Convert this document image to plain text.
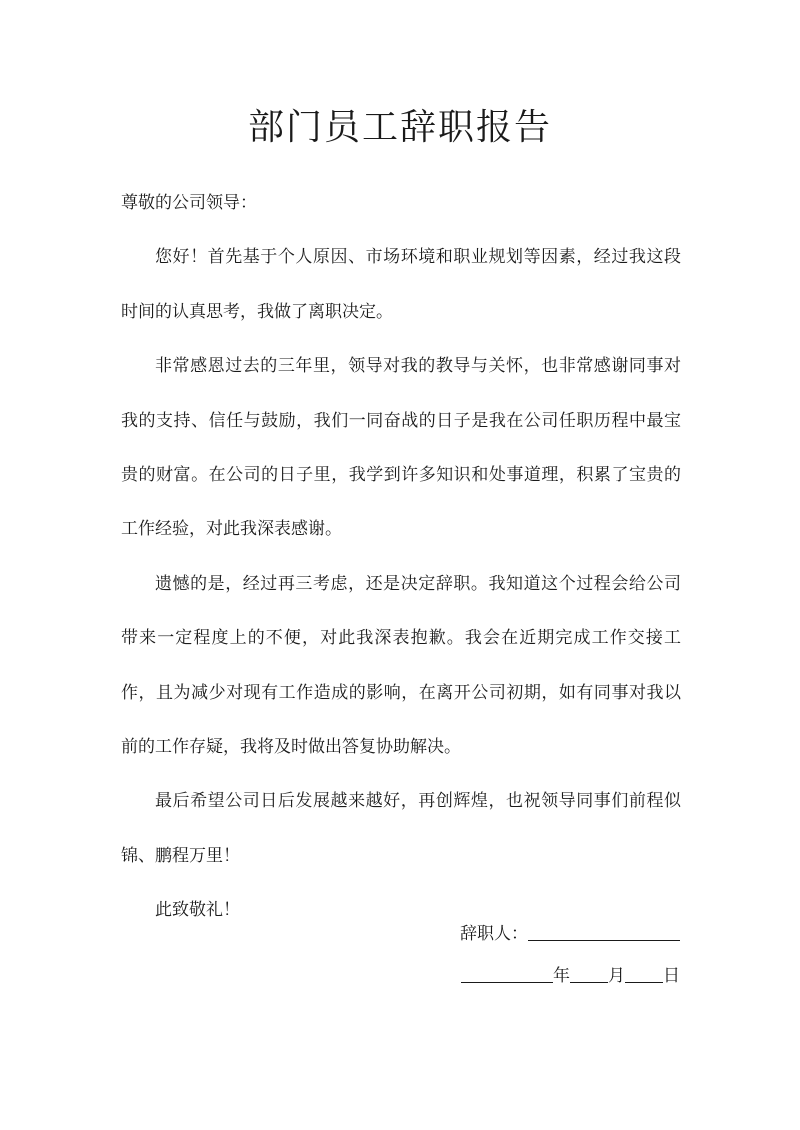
部门员工辞职报告

尊敬的公司领导：

您好！首先基于个人原因、市场环境和职业规划等因素，经过我这段时间的认真思考，我做了离职决定。

非常感恩过去的三年里，领导对我的教导与关怀，也非常感谢同事对我的支持、信任与鼓励，我们一同奋战的日子是我在公司任职历程中最宝贵的财富。在公司的日子里，我学到许多知识和处事道理，积累了宝贵的工作经验，对此我深表感谢。

遗憾的是，经过再三考虑，还是决定辞职。我知道这个过程会给公司带来一定程度上的不便，对此我深表抱歉。我会在近期完成工作交接工作，且为减少对现有工作造成的影响，在离开公司初期，如有同事对我以前的工作存疑，我将及时做出答复协助解决。

最后希望公司日后发展越来越好，再创辉煌，也祝领导同事们前程似锦、鹏程万里！

此致敬礼！

辞职人：
年 月 日
